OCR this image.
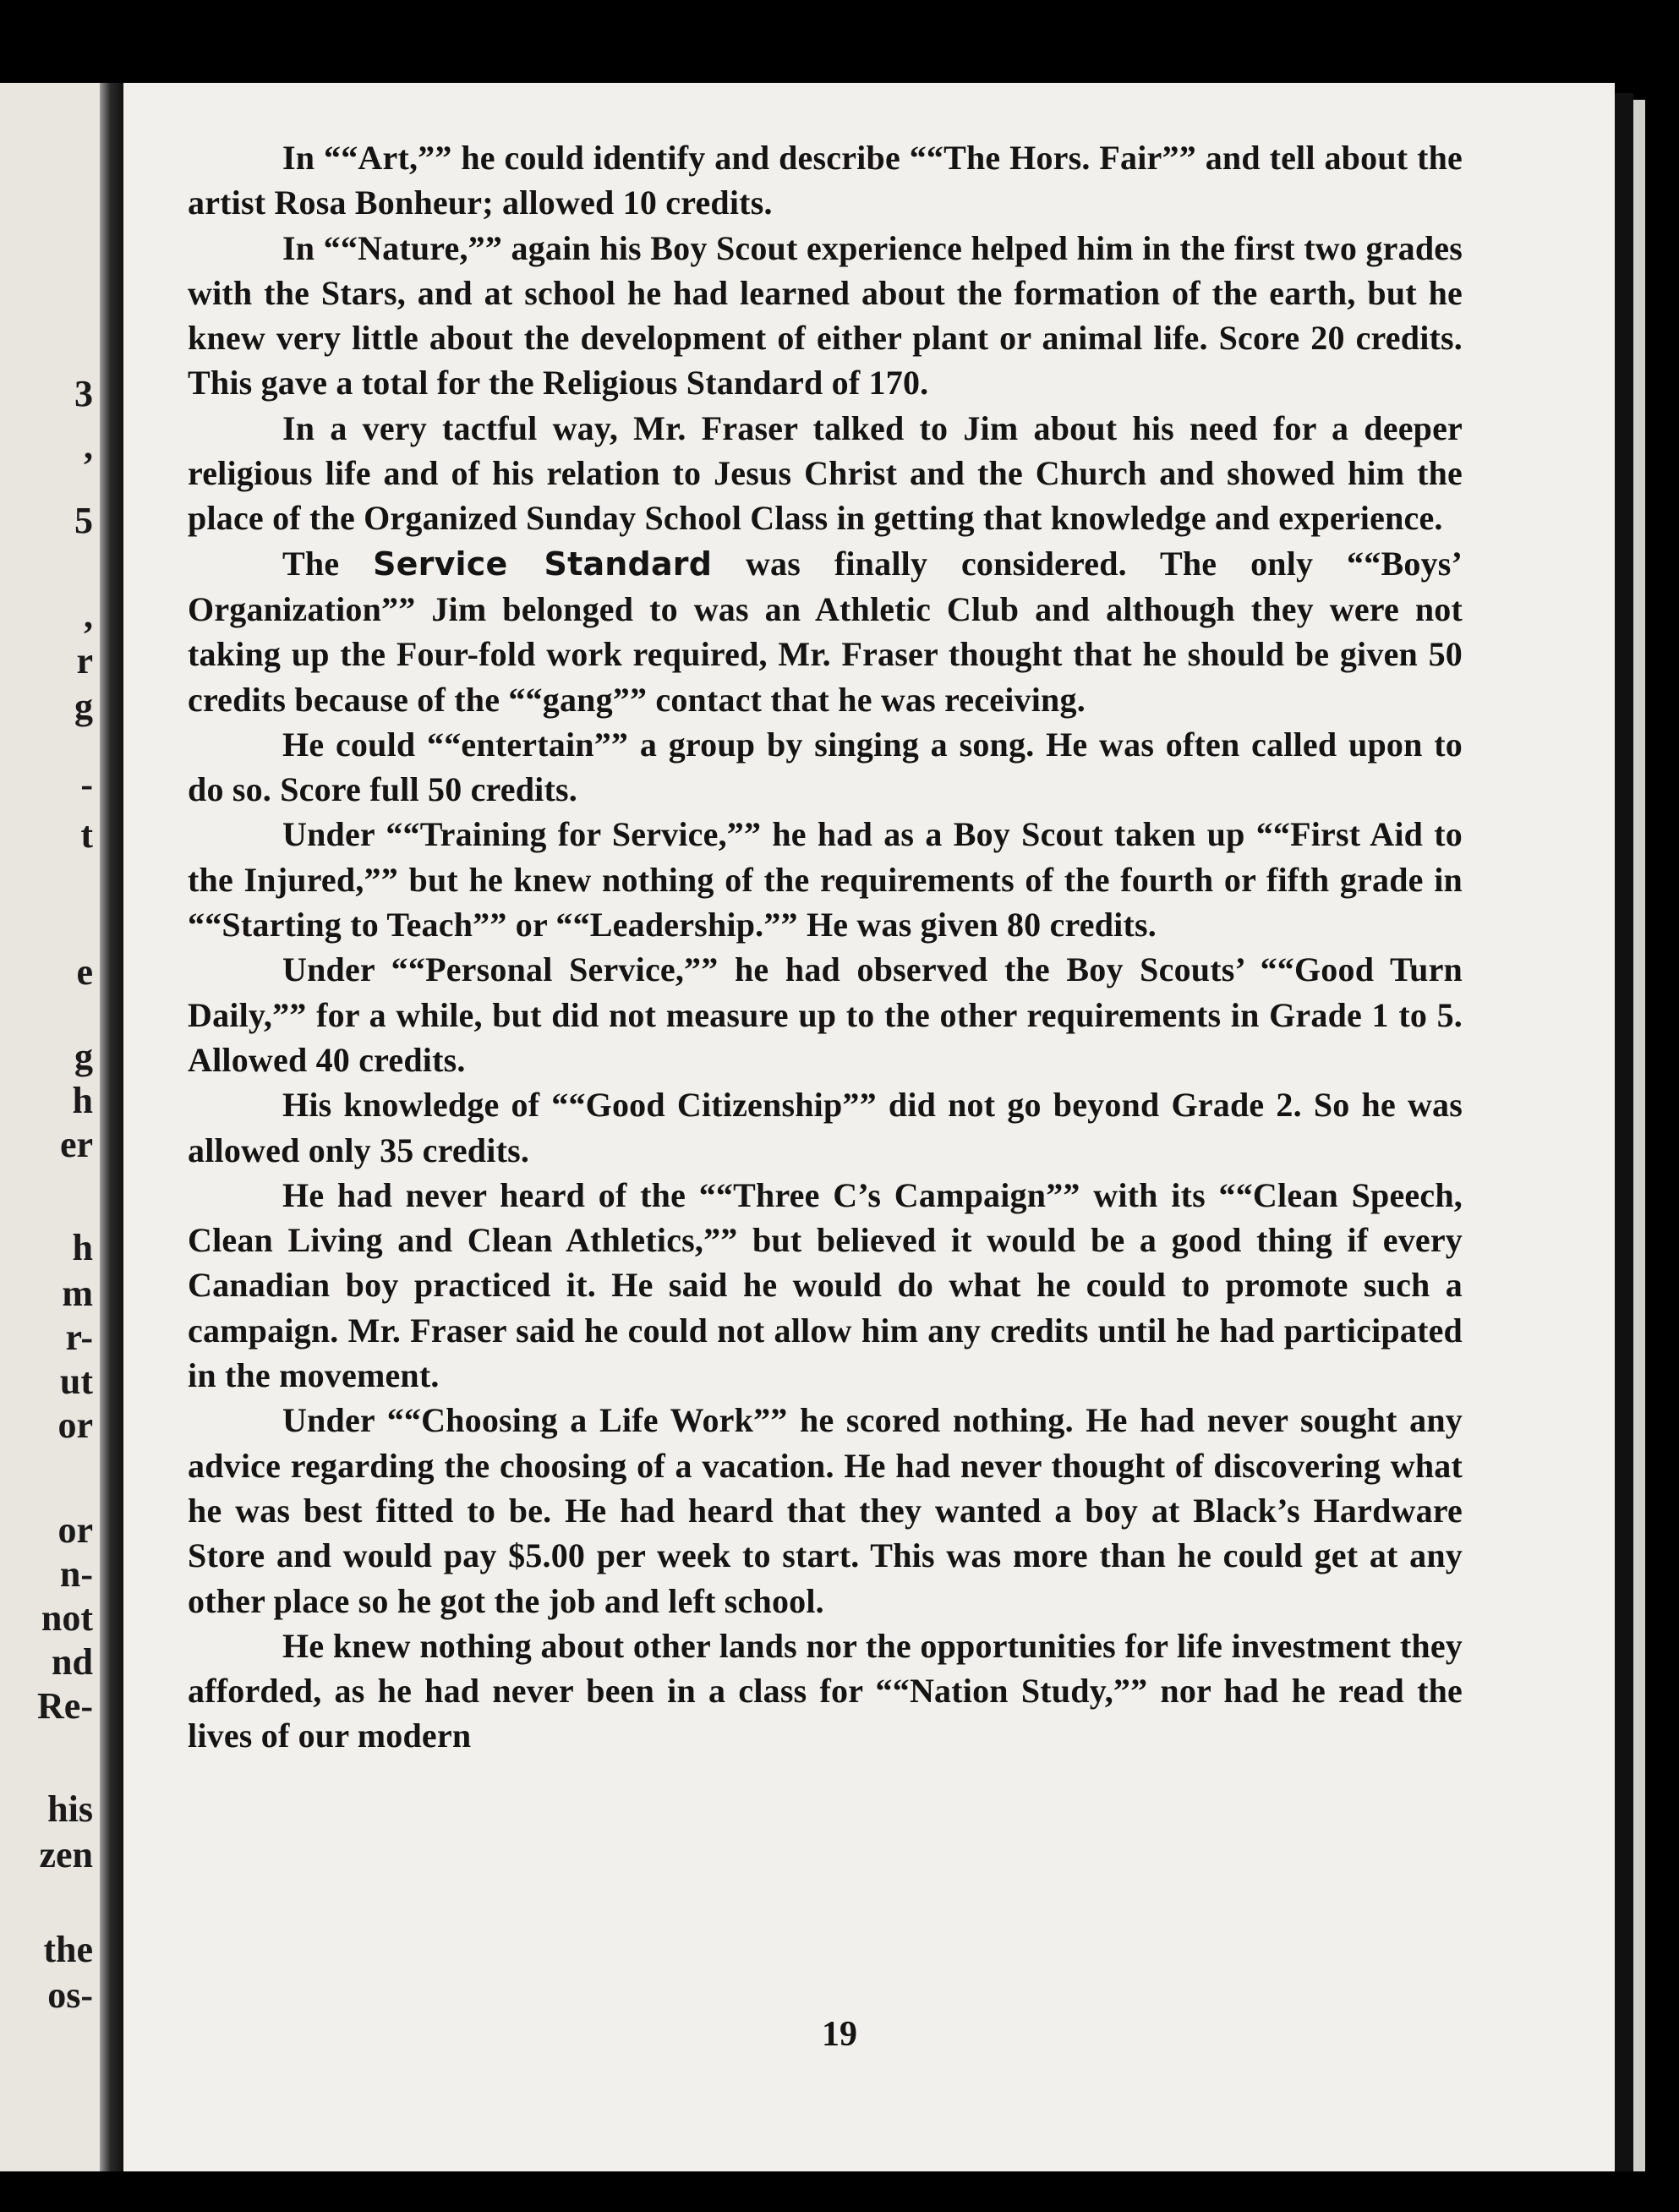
3
,
5
,
r
g
-
t
e
g
h
er
h
m
r-
ut
or
or
n-
not
nd
Re-
his
zen
the
os-

In ““Art,”” he could identify and describe ““The Hors. Fair”” and tell about the artist Rosa Bonheur; allowed 10 credits.

In ““Nature,”” again his Boy Scout experience helped him in the first two grades with the Stars, and at school he had learned about the formation of the earth, but he knew very little about the development of either plant or animal life. Score 20 credits. This gave a total for the Religious Standard of 170.

In a very tactful way, Mr. Fraser talked to Jim about his need for a deeper religious life and of his relation to Jesus Christ and the Church and showed him the place of the Organized Sunday School Class in getting that knowledge and experience.

The Service Standard was finally considered. The only ““Boys’ Organization”” Jim belonged to was an Athletic Club and although they were not taking up the Four-fold work required, Mr. Fraser thought that he should be given 50 credits because of the ““gang”” contact that he was receiving.

He could ““entertain”” a group by singing a song. He was often called upon to do so. Score full 50 credits.

Under ““Training for Service,”” he had as a Boy Scout taken up ““First Aid to the Injured,”” but he knew nothing of the requirements of the fourth or fifth grade in ““Starting to Teach”” or ““Leadership.”” He was given 80 credits.

Under ““Personal Service,”” he had observed the Boy Scouts’ ““Good Turn Daily,”” for a while, but did not measure up to the other requirements in Grade 1 to 5. Allowed 40 credits.

His knowledge of ““Good Citizenship”” did not go beyond Grade 2. So he was allowed only 35 credits.

He had never heard of the ““Three C’s Campaign”” with its ““Clean Speech, Clean Living and Clean Athletics,”” but believed it would be a good thing if every Canadian boy practiced it. He said he would do what he could to promote such a campaign. Mr. Fraser said he could not allow him any credits until he had participated in the movement.

Under ““Choosing a Life Work”” he scored nothing. He had never sought any advice regarding the choosing of a vacation. He had never thought of discovering what he was best fitted to be. He had heard that they wanted a boy at Black’s Hardware Store and would pay $5.00 per week to start. This was more than he could get at any other place so he got the job and left school.

He knew nothing about other lands nor the opportunities for life investment they afforded, as he had never been in a class for ““Nation Study,”” nor had he read the lives of our modern

19
